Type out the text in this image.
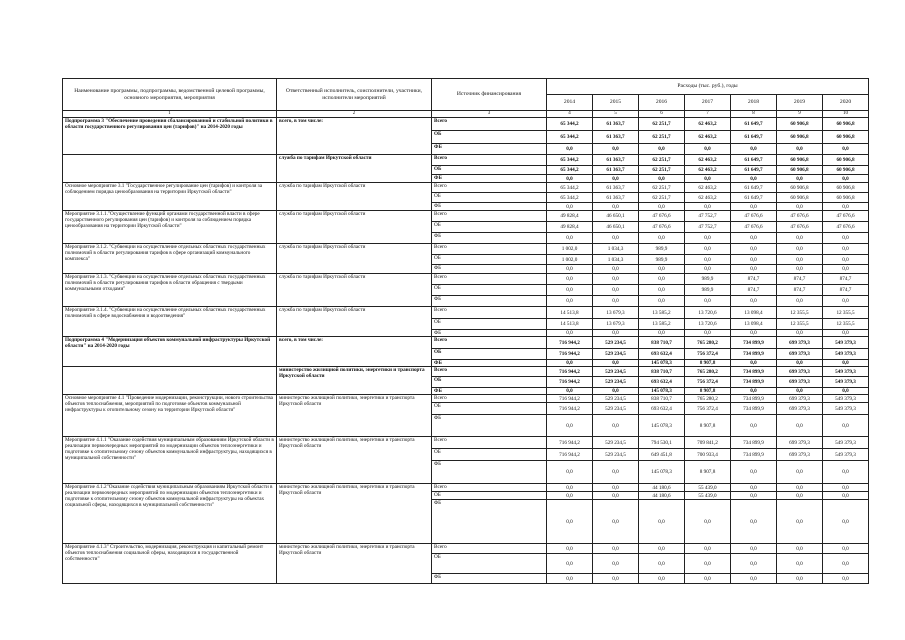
Наименование программы, подпрограммы, ведомственной целевой программы, основного мероприятия, мероприятия	Ответственный исполнитель, соисполнители, участники, исполнители мероприятий	Источник финансирования	Расходы (тыс. руб.), годы						
			2014	2015	2016	2017	2018	2019	2020
1	2	3	4	5	6	7	8	9	10
Подпрограмма 3 "Обеспечение проведения сбалансированной и стабильной политики в области государственного регулирования цен (тарифов)" на 2014-2020 годы	всего, в том числе:	Всего	65 344,2	61 363,7	62 251,7	62 463,2	61 649,7	60 906,8	60 906,8
		ОБ	65 344,2	61 363,7	62 251,7	62 463,2	61 649,7	60 906,8	60 906,8
		ФБ	0,0	0,0	0,0	0,0	0,0	0,0	0,0
	служба по тарифам Иркутской области	Всего	65 344,2	61 363,7	62 251,7	62 463,2	61 649,7	60 906,8	60 906,8
		ОБ	65 344,2	61 363,7	62 251,7	62 463,2	61 649,7	60 906,8	60 906,8
		ФБ	0,0	0,0	0,0	0,0	0,0	0,0	0,0
Основное мероприятие 3.1 "Государственное регулирование цен (тарифов) и контроля за соблюдением порядка ценообразования на территории Иркутской области"	служба по тарифам Иркутской области	Всего	65 344,2	61 363,7	62 251,7	62 463,2	61 649,7	60 906,8	60 906,8
		ОБ	65 344,2	61 363,7	62 251,7	62 463,2	61 649,7	60 906,8	60 906,8
		ФБ	0,0	0,0	0,0	0,0	0,0	0,0	0,0
Мероприятие 3.1.1."Осуществление функций органами государственной власти в сфере государственного регулирования цен (тарифов) и контроля за соблюдением порядка ценообразования на территории Иркутской области"	служба по тарифам Иркутской области	Всего	49 828,4	46 650,1	47 676,6	47 752,7	47 676,6	47 676,6	47 676,6
		ОБ	49 828,4	46 650,1	47 676,6	47 752,7	47 676,6	47 676,6	47 676,6
		ФБ	0,0	0,0	0,0	0,0	0,0	0,0	0,0
Мероприятие 3.1.2. "Субвенции на осуществление отдельных областных государственных полномочий в области регулирования тарифов в сфере организаций коммунального комплекса"	служба по тарифам Иркутской области	Всего	1 002,0	1 034,3	989,9	0,0	0,0	0,0	0,0
		ОБ	1 002,0	1 034,3	989,9	0,0	0,0	0,0	0,0
		ФБ	0,0	0,0	0,0	0,0	0,0	0,0	0,0
Мероприятие 3.1.3. "Субвенции на осуществление отдельных областных государственных полномочий в области регулирования тарифов в области обращения с твердыми коммунальными отходами"	служба по тарифам Иркутской области	Всего	0,0	0,0	0,0	989,9	874,7	874,7	874,7
		ОБ	0,0	0,0	0,0	989,9	874,7	874,7	874,7
		ФБ	0,0	0,0	0,0	0,0	0,0	0,0	0,0
Мероприятие 3.1.4. "Субвенции на осуществление отдельных областных государственных полномочий в сфере водоснабжения и водоотведения"	служба по тарифам Иркутской области	Всего	14 513,8	13 679,3	13 585,2	13 720,6	13 098,4	12 355,5	12 355,5
		ОБ	14 513,8	13 679,3	13 585,2	13 720,6	13 098,4	12 355,5	12 355,5
		ФБ	0,0	0,0	0,0	0,0	0,0	0,0	0,0
Подпрограмма 4 "Модернизация объектов коммунальной инфраструктуры Иркутской области" на 2014-2020 годы	всего, в том числе:	Всего	716 944,2	529 234,5	838 710,7	765 280,2	734 899,9	699 379,3	549 379,3
		ОБ	716 944,2	529 234,5	693 632,4	756 372,4	734 899,9	699 379,3	549 379,3
		ФБ	0,0	0,0	145 078,3	8 907,8	0,0	0,0	0,0
	министерство жилищной политики, энергетики и транспорта Иркутской области	Всего	716 944,2	529 234,5	838 710,7	765 280,2	734 899,9	699 379,3	549 379,3
		ОБ	716 944,2	529 234,5	693 632,4	756 372,4	734 899,9	699 379,3	549 379,3
		ФБ	0,0	0,0	145 078,3	8 907,8	0,0	0,0	0,0
Основное мероприятие 4.1 "Проведение модернизации, реконструкции, нового строительства объектов теплоснабжения, мероприятий по подготовке объектов коммунальной инфраструктуры к отопительному сезону на территории Иркутской области"	министерство жилищной политики, энергетики и транспорта Иркутской области	Всего	716 944,2	529 234,5	838 710,7	765 280,2	734 899,9	699 379,3	549 379,3
		ОБ	716 944,2	529 234,5	693 632,4	756 372,4	734 899,9	699 379,3	549 379,3
		ФБ	0,0	0,0	145 078,3	8 907,8	0,0	0,0	0,0
Мероприятие 4.1.1 "Оказание содействия муниципальным образованиям Иркутской области в реализации первоочередных мероприятий по модернизации объектов теплоэнергетики и подготовке к отопительному сезону объектов коммунальной инфраструктуры, находящихся в муниципальной собственности"	министерство жилищной политики, энергетики и транспорта Иркутской области	Всего	716 944,2	529 234,5	794 530,1	709 841,2	734 899,9	699 379,3	549 379,3
		ОБ	716 944,2	529 234,5	649 451,8	700 933,4	734 899,9	699 379,3	549 379,3
		ФБ	0,0	0,0	145 078,3	8 907,8	0,0	0,0	0,0
Мероприятие 4.1.2"Оказание содействия муниципальным образованиям Иркутской области в реализации первоочередных мероприятий по модернизации объектов теплоэнергетики и подготовке к отопительному сезону объектов коммунальной инфраструктуры на объектах социальной сферы, находящихся в муниципальной собственности"	министерство жилищной политики, энергетики и транспорта Иркутской области	Всего	0,0	0,0	44 180,6	55 439,0	0,0	0,0	0,0
		ОБ	0,0	0,0	44 180,6	55 439,0	0,0	0,0	0,0
		ФБ	0,0	0,0	0,0	0,0	0,0	0,0	0,0
Мероприятие 4.1.3" Строительство, модернизация, реконструкция и капитальный ремонт объектов теплоснабжения социальной сферы, находящихся в государственной собственности"	министерство жилищной политики, энергетики и транспорта Иркутской области	Всего	0,0	0,0	0,0	0,0	0,0	0,0	0,0
		ОБ	0,0	0,0	0,0	0,0	0,0	0,0	0,0
		ФБ	0,0	0,0	0,0	0,0	0,0	0,0	0,0
